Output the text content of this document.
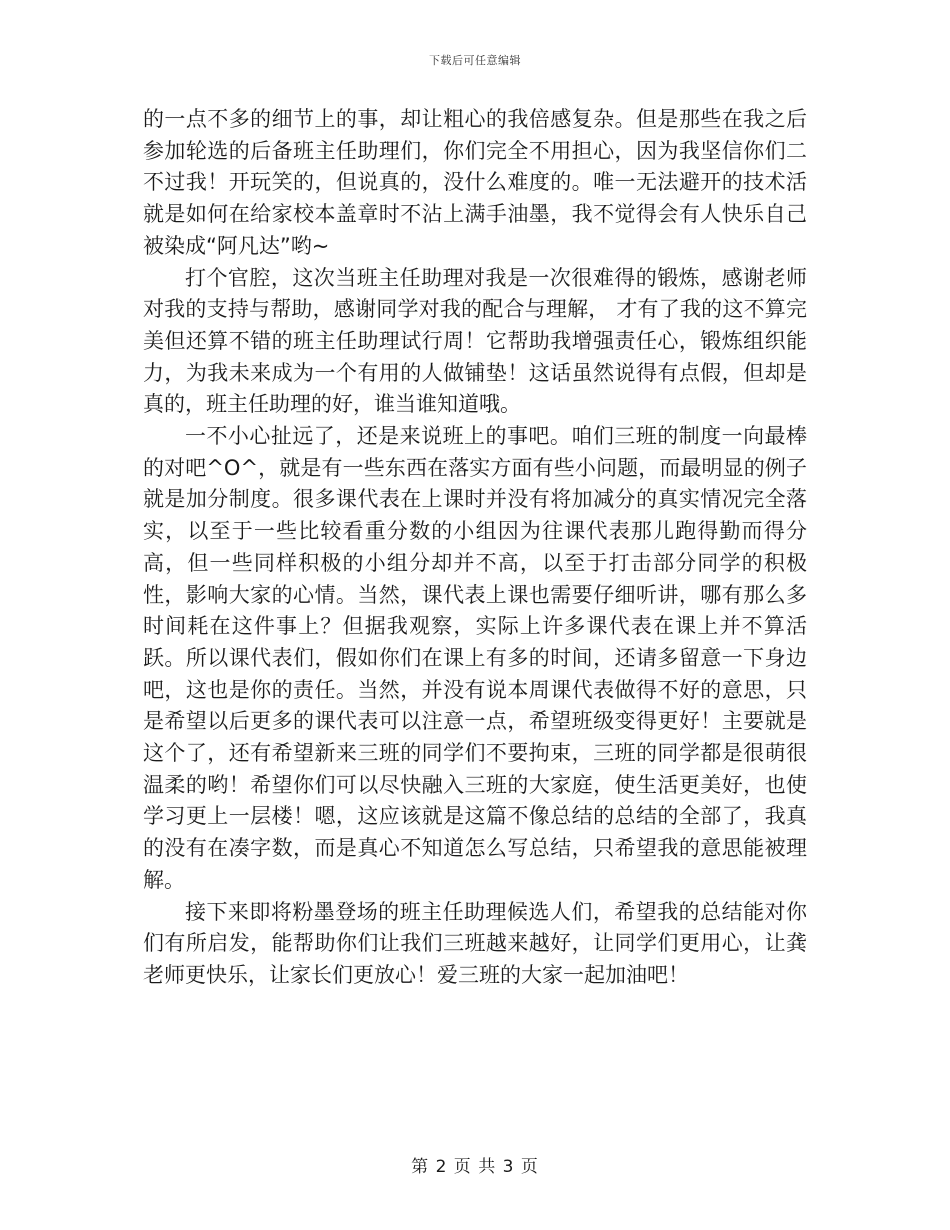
下载后可任意编辑

的一点不多的细节上的事，却让粗心的我倍感复杂。但是那些在我之后参加轮选的后备班主任助理们，你们完全不用担心，因为我坚信你们二不过我！开玩笑的，但说真的，没什么难度的。唯一无法避开的技术活就是如何在给家校本盖章时不沾上满手油墨，我不觉得会有人快乐自己被染成“阿凡达”哟~

打个官腔，这次当班主任助理对我是一次很难得的锻炼，感谢老师对我的支持与帮助，感谢同学对我的配合与理解， 才有了我的这不算完美但还算不错的班主任助理试行周！它帮助我增强责任心，锻炼组织能力，为我未来成为一个有用的人做铺垫！这话虽然说得有点假，但却是真的，班主任助理的好，谁当谁知道哦。

一不小心扯远了，还是来说班上的事吧。咱们三班的制度一向最棒的对吧^O^，就是有一些东西在落实方面有些小问题，而最明显的例子就是加分制度。很多课代表在上课时并没有将加减分的真实情况完全落实，以至于一些比较看重分数的小组因为往课代表那儿跑得勤而得分高，但一些同样积极的小组分却并不高，以至于打击部分同学的积极性，影响大家的心情。当然，课代表上课也需要仔细听讲，哪有那么多时间耗在这件事上？但据我观察，实际上许多课代表在课上并不算活跃。所以课代表们，假如你们在课上有多的时间，还请多留意一下身边吧，这也是你的责任。当然，并没有说本周课代表做得不好的意思，只是希望以后更多的课代表可以注意一点，希望班级变得更好！主要就是这个了，还有希望新来三班的同学们不要拘束，三班的同学都是很萌很温柔的哟！希望你们可以尽快融入三班的大家庭，使生活更美好，也使学习更上一层楼！嗯，这应该就是这篇不像总结的总结的全部了，我真的没有在凑字数，而是真心不知道怎么写总结，只希望我的意思能被理解。

接下来即将粉墨登场的班主任助理候选人们，希望我的总结能对你们有所启发，能帮助你们让我们三班越来越好，让同学们更用心，让龚老师更快乐，让家长们更放心！爱三班的大家一起加油吧！

第 2 页 共 3 页
